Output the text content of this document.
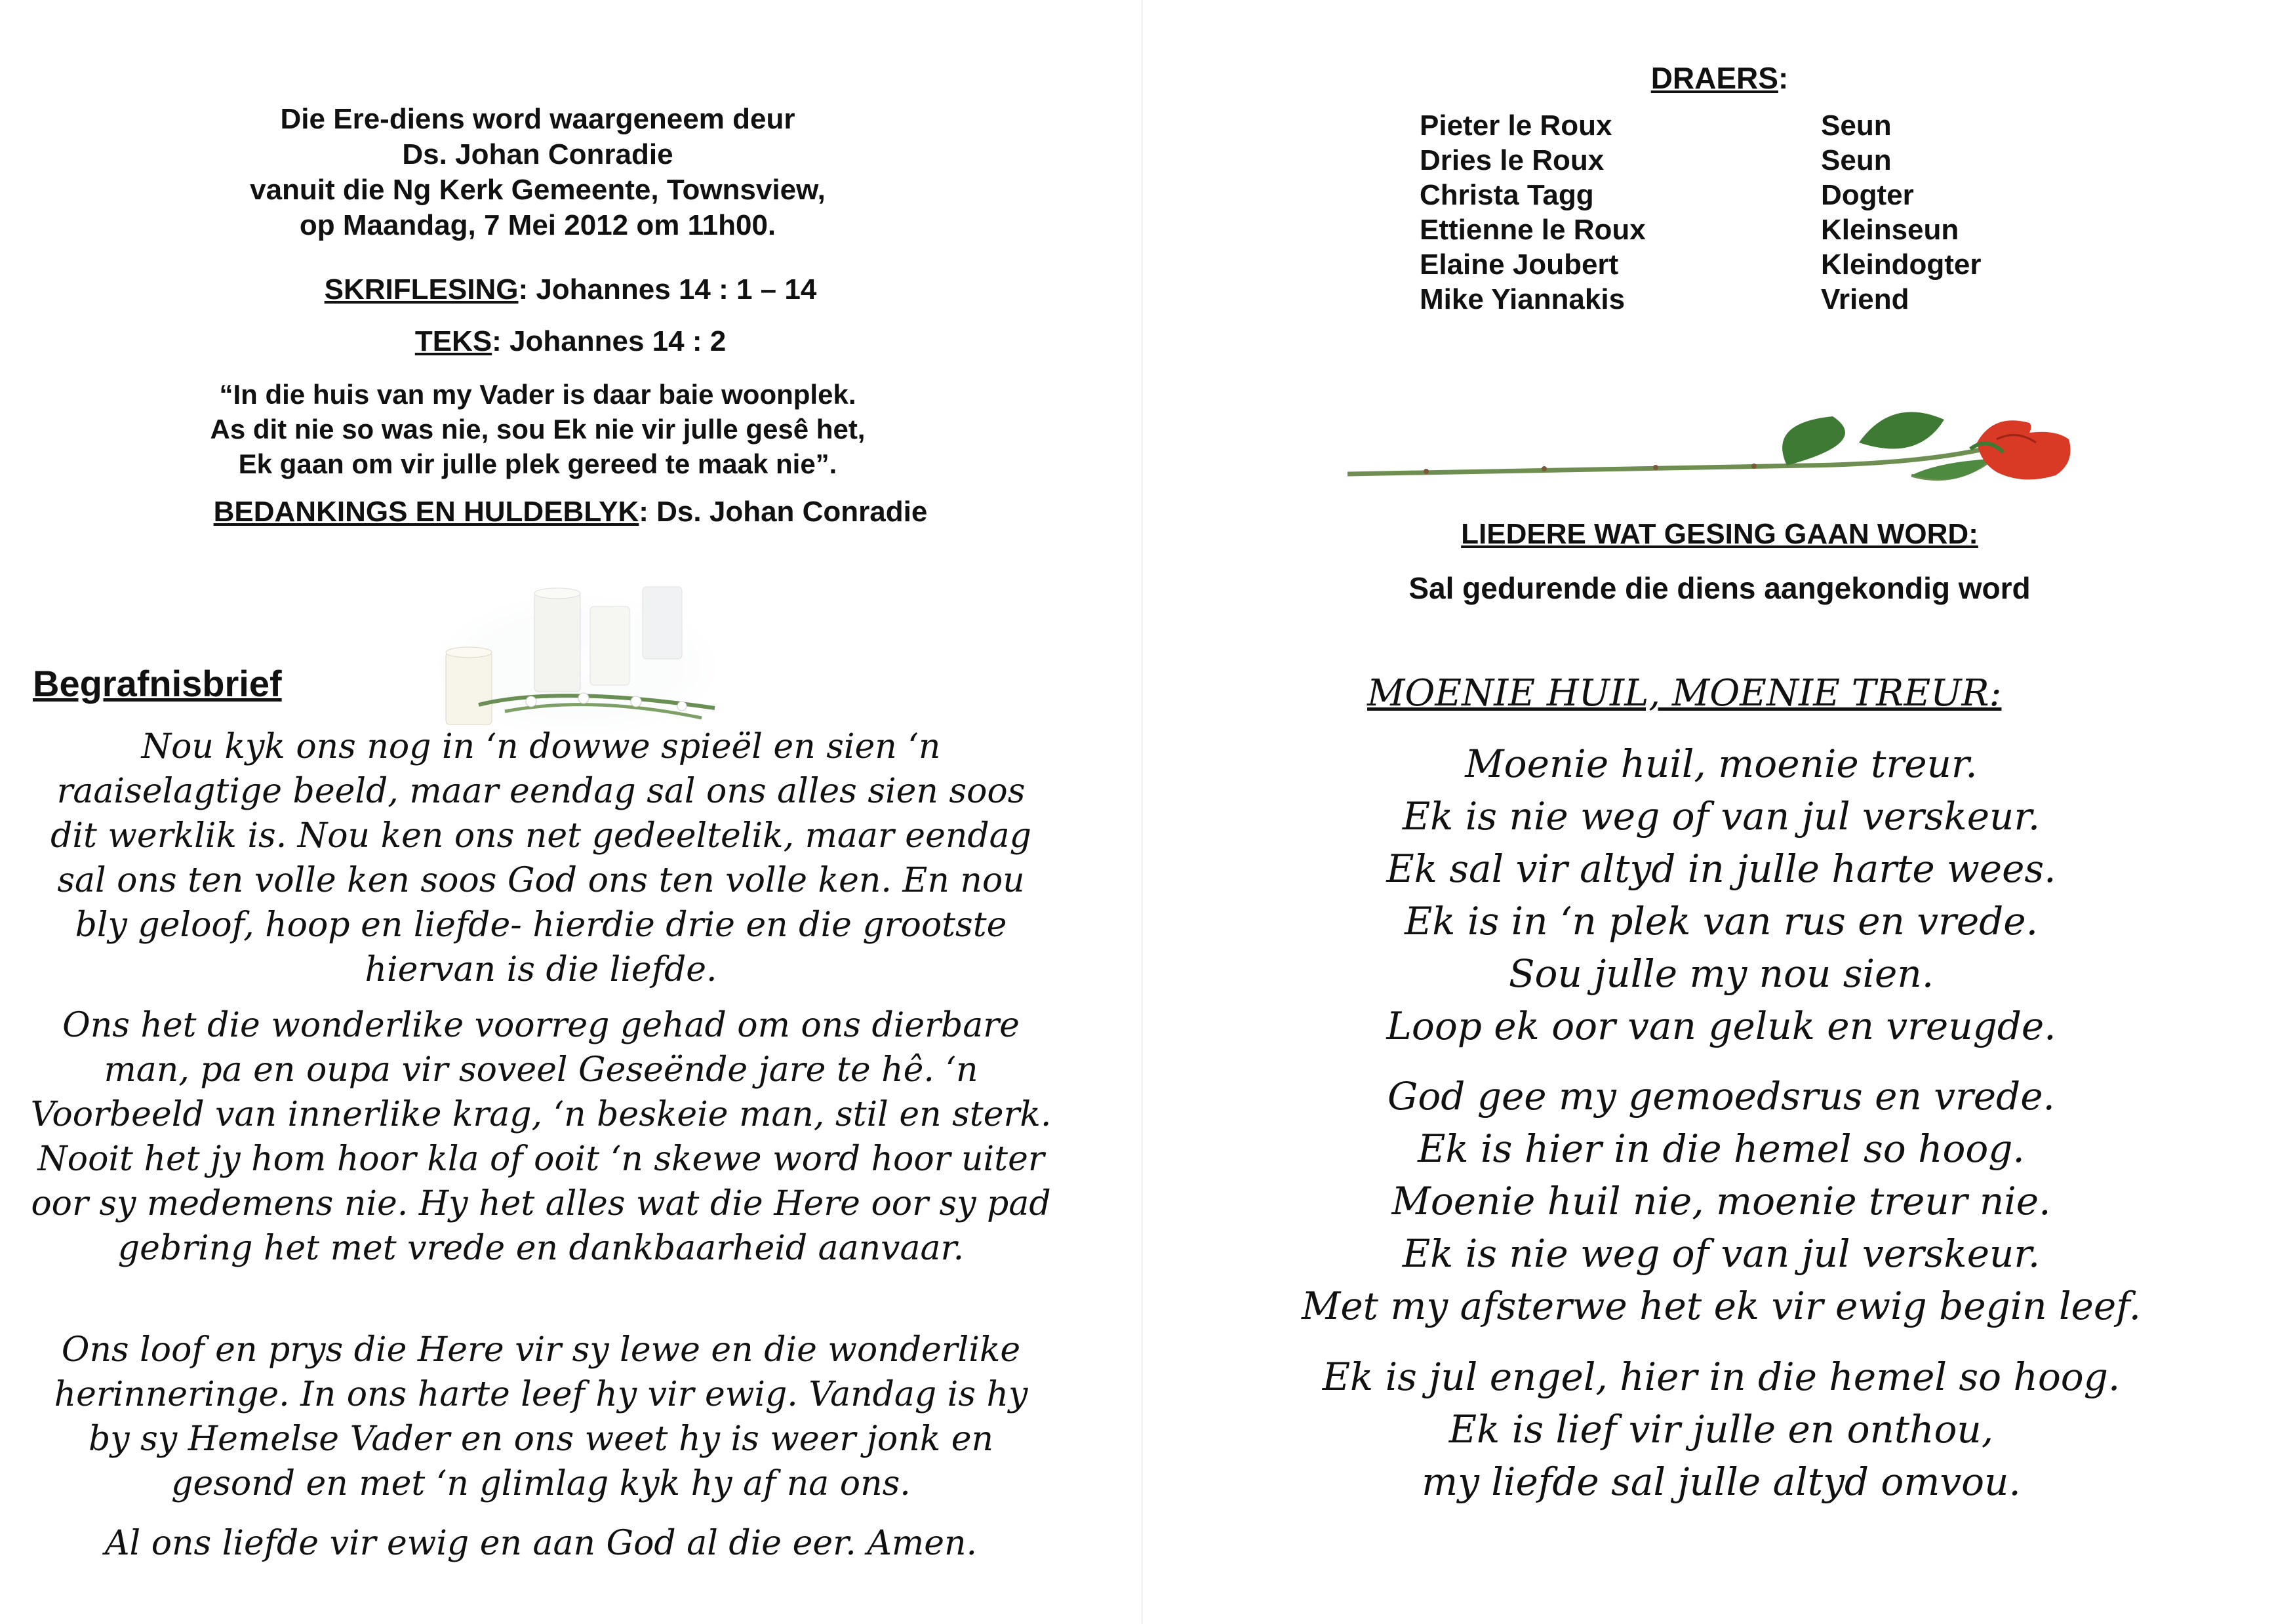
Die Ere-diens word waargeneem deur
Ds. Johan Conradie
vanuit die Ng Kerk Gemeente, Townsview,
op Maandag, 7 Mei 2012 om 11h00.
SKRIFLESING: Johannes 14 : 1 – 14
TEKS: Johannes 14 : 2
“In die huis van my Vader is daar baie woonplek.
As dit nie so was nie, sou Ek nie vir julle gesê het,
Ek gaan om vir julle plek gereed te maak nie”.
BEDANKINGS EN HULDEBLYK: Ds. Johan Conradie
Begrafnisbrief
Nou kyk ons nog in ‘n dowwe spieël en sien ‘n raaiselagtige beeld, maar eendag sal ons alles sien soos dit werklik is. Nou ken ons net gedeeltelik, maar eendag sal ons ten volle ken soos God ons ten volle ken. En nou bly geloof, hoop en liefde- hierdie drie en die grootste hiervan is die liefde.
Ons het die wonderlike voorreg gehad om ons dierbare man, pa en oupa vir soveel Geseënde jare te hê. ‘n Voorbeeld van innerlike krag, ‘n beskeie man, stil en sterk. Nooit het jy hom hoor kla of ooit ‘n skewe word hoor uiter oor sy medemens nie. Hy het alles wat die Here oor sy pad gebring het met vrede en dankbaarheid aanvaar.
Ons loof en prys die Here vir sy lewe en die wonderlike herinneringe. In ons harte leef hy vir ewig. Vandag is hy by sy Hemelse Vader en ons weet hy is weer jonk en gesond en met ‘n glimlag kyk hy af na ons.
Al ons liefde vir ewig en aan God al die eer. Amen.
DRAERS:
Pieter le Roux	Seun
Dries le Roux	Seun
Christa Tagg	Dogter
Ettienne le Roux	Kleinseun
Elaine Joubert	Kleindogter
Mike Yiannakis	Vriend
LIEDERE WAT GESING GAAN WORD:
Sal gedurende die diens aangekondig word
MOENIE HUIL, MOENIE TREUR:
Moenie huil, moenie treur.
Ek is nie weg of van jul verskeur.
Ek sal vir altyd in julle harte wees.
Ek is in ‘n plek van rus en vrede.
Sou julle my nou sien.
Loop ek oor van geluk en vreugde.
God gee my gemoedsrus en vrede.
Ek is hier in die hemel so hoog.
Moenie huil nie, moenie treur nie.
Ek is nie weg of van jul verskeur.
Met my afsterwe het ek vir ewig begin leef.
Ek is jul engel, hier in die hemel so hoog.
Ek is lief vir julle en onthou,
my liefde sal julle altyd omvou.
